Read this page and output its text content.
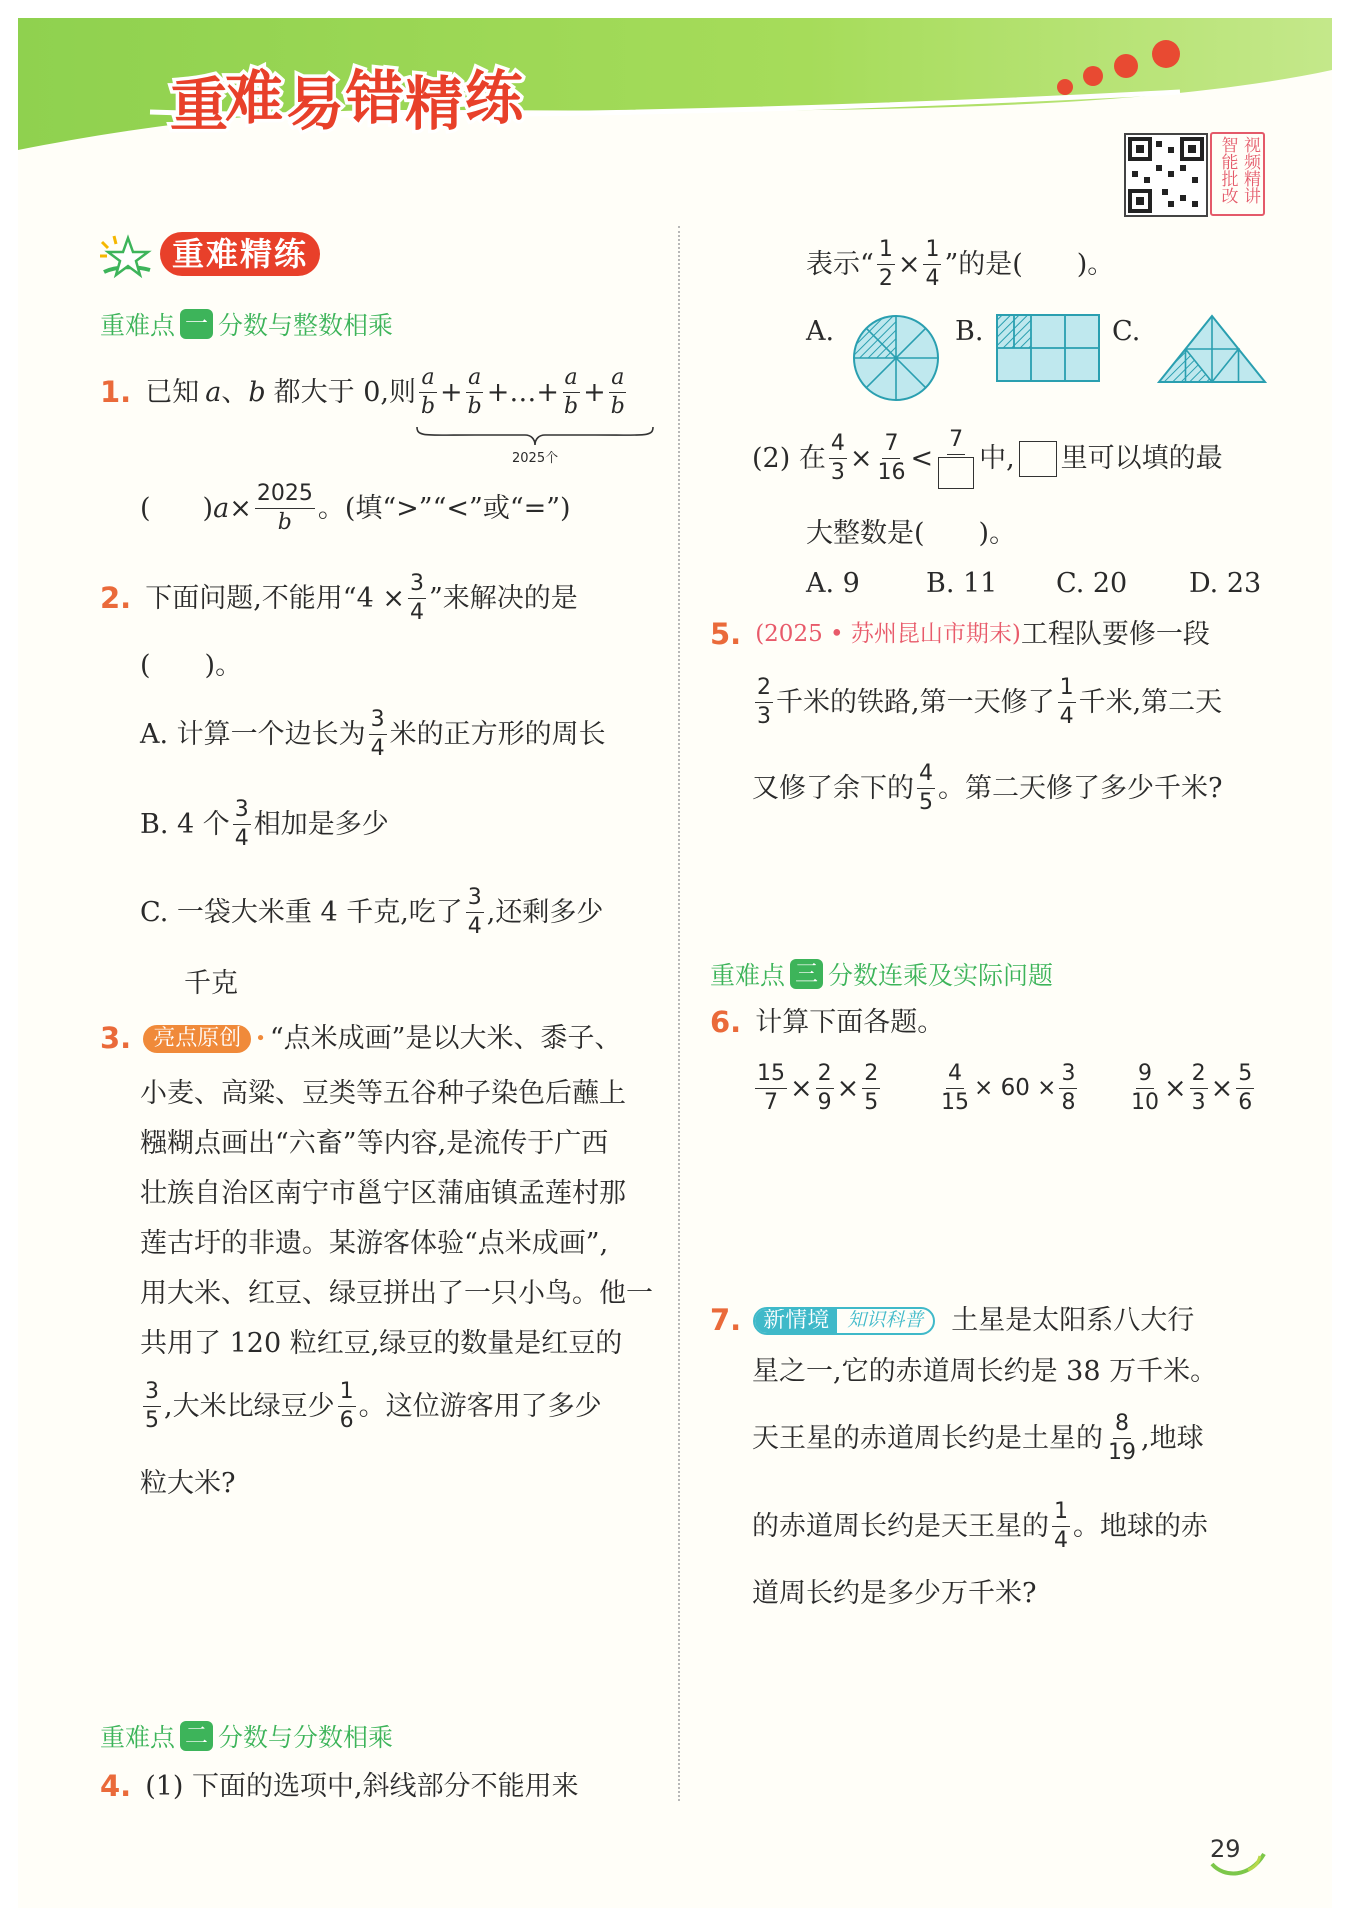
重
难 易 错 精 练
视
频
精
讲
智
能
批
改
重难精练
重难点 一 分数与整数相乘
1. 已知 a 、 b 都大于 0,则 $\frac{a}{b} + \frac{a}{b}$ +…+ $\frac{a}{b} + \frac{a}{b}$
2025个
( ) $a \times \frac{2025}{b}$ 。(填“>”“<”或“=”)
2. 下面问题,不能用“$4 \times \frac{3}{4}$ ”来解决的是
(　　)。
A. 计算一个边长为 $\frac{3}{4}$ 米的正方形的周长
B. 4 个 $\frac{3}{4}$ 相加是多少
C. 一袋大米重 4 千克,吃了 $\frac{3}{4}$ ,还剩多少
千克
3.	亮点原创 • “点米成画”是以大米、黍子、
小麦、高粱、豆类等五谷种子染色后蘸上
糨糊点画出“六畜”等内容,是流传于广西
壮族自治区南宁市邕宁区蒲庙镇孟莲村那
莲古圩的非遗。某游客体验“点米成画”,
用大米、红豆、绿豆拼出了一只小鸟。他一
共用了 120 粒红豆,绿豆的数量是红豆的
$\frac{3}{5}$ ,大米比绿豆少 $\frac{1}{6}$ 。这位游客用了多少
粒大米?
重难点 二 分数与分数相乘
4. (1) 下面的选项中,斜线部分不能用来
表示“ $\frac{1}{2} \times \frac{1}{4}$ ”的是(　　)。
A.	B.	C.
(2) 在 $\frac{4}{3} \times \frac{7}{16}$ <
7
中, 里可以填的最
大整数是(　　)。
A. 9	B. 11	C. 20	D. 23
5. (2025 • 苏州昆山市期末) 工程队要修一段
$\frac{2}{3}$ 千米的铁路,第一天修了 $\frac{1}{4}$ 千米,第二天
又修了余下的 $\frac{4}{5}$ 。第二天修了多少千米?
重难点 三 分数连乘及实际问题
6. 计算下面各题。
$\frac{15}{7} \times \frac{2}{9} \times \frac{2}{5}$	$\frac{4}{15} \times 60 \times \frac{3}{8} \frac{9}{10} \times \frac{2}{3} \times \frac{5}{6}$
7.	新情境 知识科普	土星是太阳系八大行
星之一,它的赤道周长约是 38 万千米。
天王星的赤道周长约是土星的 $\frac{8}{19}$ ,地球
的赤道周长约是天王星的 $\frac{1}{4}$ 。地球的赤
道周长约是多少万千米?
29
